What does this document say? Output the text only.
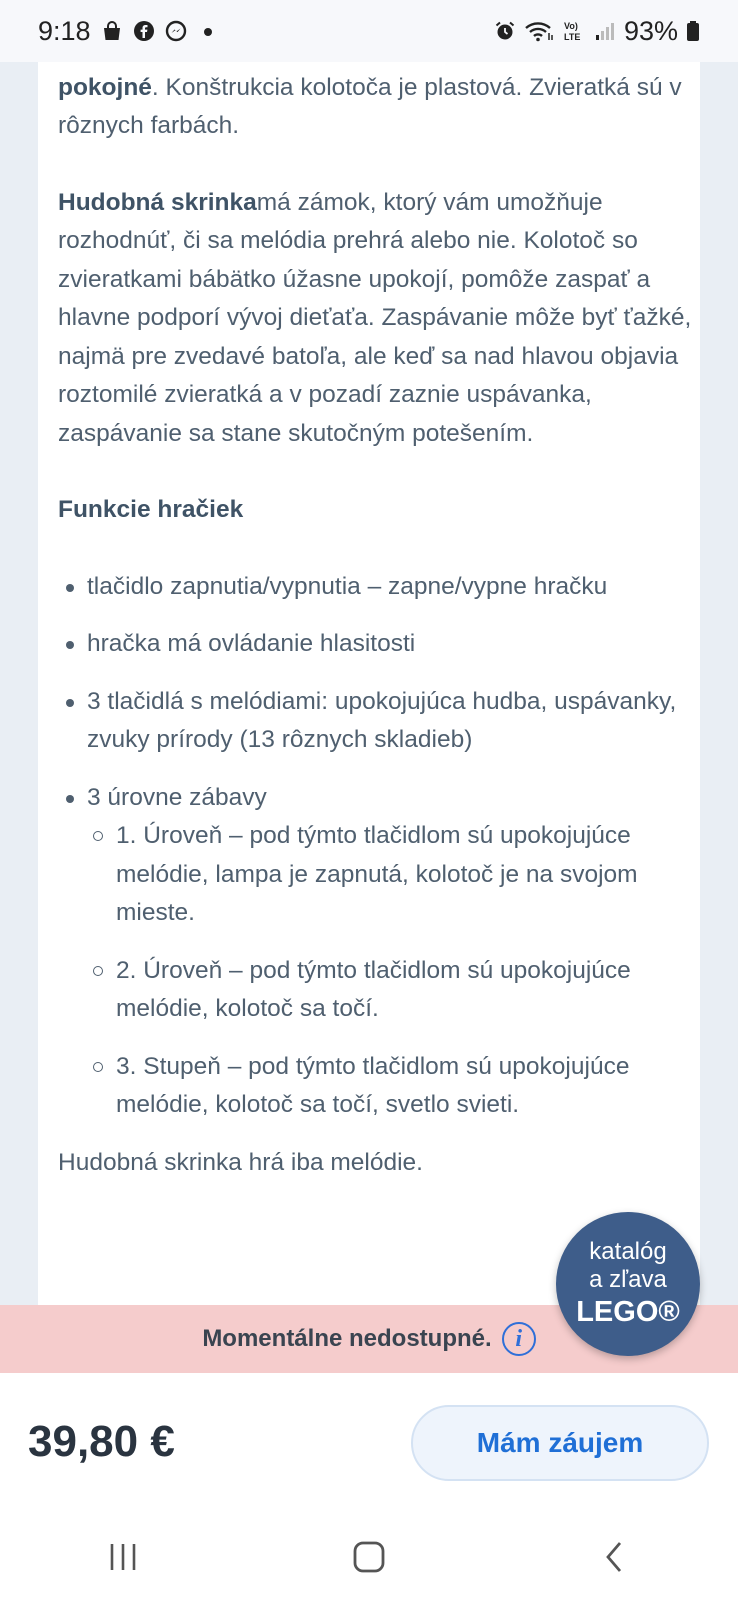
9:18	Vo)
LTE 93%

pokojné. Konštrukcia kolotoča je plastová. Zvieratká sú v rôznych farbách.

Hudobná skrinkamá zámok, ktorý vám umožňuje rozhodnúť, či sa melódia prehrá alebo nie. Kolotoč so zvieratkami bábätko úžasne upokojí, pomôže zaspať a hlavne podporí vývoj dieťaťa. Zaspávanie môže byť ťažké, najmä pre zvedavé batoľa, ale keď sa nad hlavou objavia roztomilé zvieratká a v pozadí zaznie uspávanka, zaspávanie sa stane skutočným potešením.

Funkcie hračiek

tlačidlo zapnutia/vypnutia – zapne/vypne hračku
hračka má ovládanie hlasitosti
3 tlačidlá s melódiami: upokojujúca hudba, uspávanky, zvuky prírody (13 rôznych skladieb)
3 úrovne zábavy
1. Úroveň – pod týmto tlačidlom sú upokojujúce melódie, lampa je zapnutá, kolotoč je na svojom mieste.
2. Úroveň – pod týmto tlačidlom sú upokojujúce melódie, kolotoč sa točí.
3. Stupeň – pod týmto tlačidlom sú upokojujúce melódie, kolotoč sa točí, svetlo svieti.

Hudobná skrinka hrá iba melódie.

katalóg
a zľava
LEGO®
Momentálne nedostupné. i
39,80 €	Mám záujem
